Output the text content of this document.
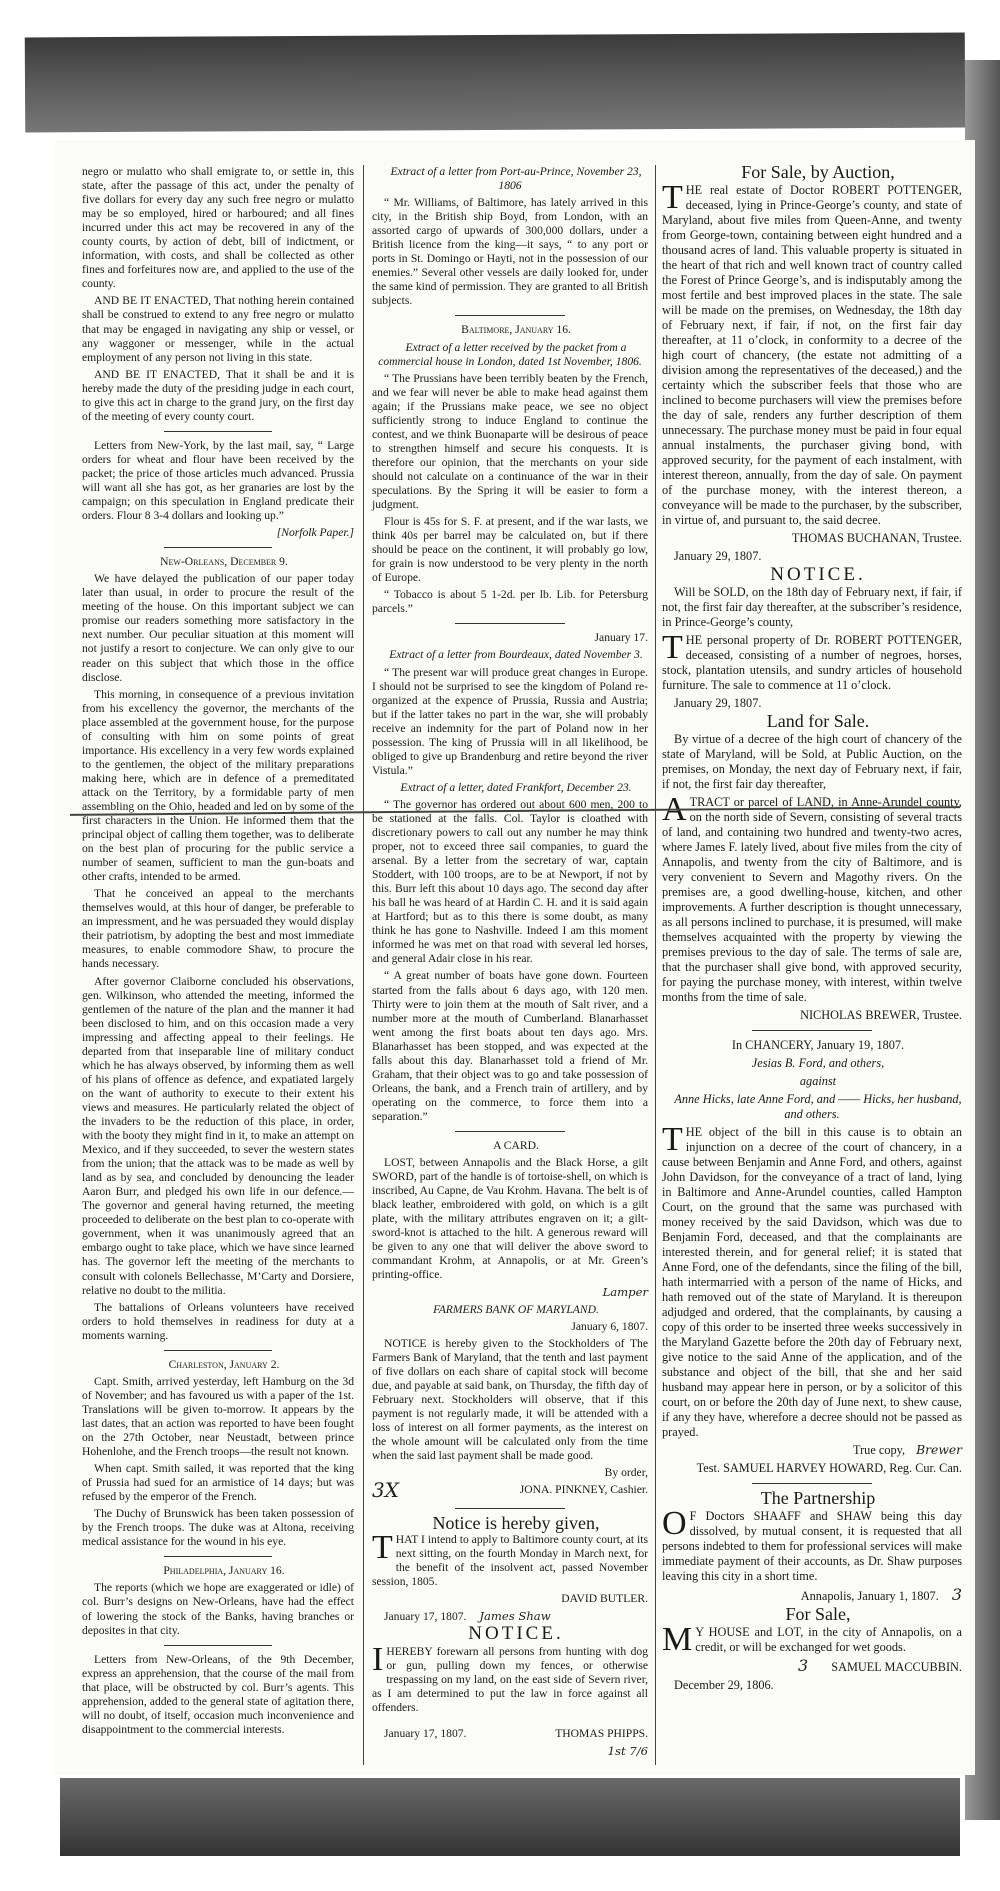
negro or mulatto who shall emigrate to, or settle in, this state, after the passage of this act, under the penalty of five dollars for every day any such free negro or mulatto may be so employed, hired or harboured; and all fines incurred under this act may be recovered in any of the county courts, by action of debt, bill of indictment, or information, with costs, and shall be collected as other fines and forfeitures now are, and applied to the use of the county.

AND BE IT ENACTED, That nothing herein contained shall be construed to extend to any free negro or mulatto that may be engaged in navigating any ship or vessel, or any waggoner or messenger, while in the actual employment of any person not living in this state.

AND BE IT ENACTED, That it shall be and it is hereby made the duty of the presiding judge in each court, to give this act in charge to the grand jury, on the first day of the meeting of every county court.

Letters from New-York, by the last mail, say, “ Large orders for wheat and flour have been received by the packet; the price of those articles much advanced. Prussia will want all she has got, as her granaries are lost by the campaign; on this speculation in England predicate their orders. Flour 8 3-4 dollars and looking up.”

[Norfolk Paper.]

New-Orleans, December 9.

We have delayed the publication of our paper today later than usual, in order to procure the result of the meeting of the house. On this important subject we can promise our readers something more satisfactory in the next number. Our peculiar situation at this moment will not justify a resort to conjecture. We can only give to our reader on this subject that which those in the office disclose.

This morning, in consequence of a previous invitation from his excellency the governor, the merchants of the place assembled at the government house, for the purpose of consulting with him on some points of great importance. His excellency in a very few words explained to the gentlemen, the object of the military preparations making here, which are in defence of a premeditated attack on the Territory, by a formidable party of men assembling on the Ohio, headed and led on by some of the first characters in the Union. He informed them that the principal object of calling them together, was to deliberate on the best plan of procuring for the public service a number of seamen, sufficient to man the gun-boats and other crafts, intended to be armed.

That he conceived an appeal to the merchants themselves would, at this hour of danger, be preferable to an impressment, and he was persuaded they would display their patriotism, by adopting the best and most immediate measures, to enable commodore Shaw, to procure the hands necessary.

After governor Claiborne concluded his observations, gen. Wilkinson, who attended the meeting, informed the gentlemen of the nature of the plan and the manner it had been disclosed to him, and on this occasion made a very impressing and affecting appeal to their feelings. He departed from that inseparable line of military conduct which he has always observed, by informing them as well of his plans of offence as defence, and expatiated largely on the want of authority to execute to their extent his views and measures. He particularly related the object of the invaders to be the reduction of this place, in order, with the booty they might find in it, to make an attempt on Mexico, and if they succeeded, to sever the western states from the union; that the attack was to be made as well by land as by sea, and concluded by denouncing the leader Aaron Burr, and pledged his own life in our defence.—The governor and general having returned, the meeting proceeded to deliberate on the best plan to co-operate with government, when it was unanimously agreed that an embargo ought to take place, which we have since learned has. The governor left the meeting of the merchants to consult with colonels Bellechasse, M’Carty and Dorsiere, relative no doubt to the militia.

The battalions of Orleans volunteers have received orders to hold themselves in readiness for duty at a moments warning.

Charleston, January 2.

Capt. Smith, arrived yesterday, left Hamburg on the 3d of November; and has favoured us with a paper of the 1st. Translations will be given to-morrow. It appears by the last dates, that an action was reported to have been fought on the 27th October, near Neustadt, between prince Hohenlohe, and the French troops—the result not known.

When capt. Smith sailed, it was reported that the king of Prussia had sued for an armistice of 14 days; but was refused by the emperor of the French.

The Duchy of Brunswick has been taken possession of by the French troops. The duke was at Altona, receiving medical assistance for the wound in his eye.

Philadelphia, January 16.

The reports (which we hope are exaggerated or idle) of col. Burr’s designs on New-Orleans, have had the effect of lowering the stock of the Banks, having branches or deposites in that city.

Letters from New-Orleans, of the 9th December, express an apprehension, that the course of the mail from that place, will be obstructed by col. Burr’s agents. This apprehension, added to the general state of agitation there, will no doubt, of itself, occasion much inconvenience and disappointment to the commercial interests.

Extract of a letter from Port-au-Prince, November 23, 1806

“ Mr. Williams, of Baltimore, has lately arrived in this city, in the British ship Boyd, from London, with an assorted cargo of upwards of 300,000 dollars, under a British licence from the king—it says, “ to any port or ports in St. Domingo or Hayti, not in the possession of our enemies.” Several other vessels are daily looked for, under the same kind of permission. They are granted to all British subjects.

Baltimore, January 16.

Extract of a letter received by the packet from a commercial house in London, dated 1st November, 1806.

“ The Prussians have been terribly beaten by the French, and we fear will never be able to make head against them again; if the Prussians make peace, we see no object sufficiently strong to induce England to continue the contest, and we think Buonaparte will be desirous of peace to strengthen himself and secure his conquests. It is therefore our opinion, that the merchants on your side should not calculate on a continuance of the war in their speculations. By the Spring it will be easier to form a judgment.

Flour is 45s for S. F. at present, and if the war lasts, we think 40s per barrel may be calculated on, but if there should be peace on the continent, it will probably go low, for grain is now understood to be very plenty in the north of Europe.

“ Tobacco is about 5 1-2d. per lb. Lib. for Petersburg parcels.”

January 17.

Extract of a letter from Bourdeaux, dated November 3.

“ The present war will produce great changes in Europe. I should not be surprised to see the kingdom of Poland re-organized at the expence of Prussia, Russia and Austria; but if the latter takes no part in the war, she will probably receive an indemnity for the part of Poland now in her possession. The king of Prussia will in all likelihood, be obliged to give up Brandenburg and retire beyond the river Vistula.”

Extract of a letter, dated Frankfort, December 23.

“ The governor has ordered out about 600 men, 200 to be stationed at the falls. Col. Taylor is cloathed with discretionary powers to call out any number he may think proper, not to exceed three sail companies, to guard the arsenal. By a letter from the secretary of war, captain Stoddert, with 100 troops, are to be at Newport, if not by this. Burr left this about 10 days ago. The second day after his ball he was heard of at Hardin C. H. and it is said again at Hartford; but as to this there is some doubt, as many think he has gone to Nashville. Indeed I am this moment informed he was met on that road with several led horses, and general Adair close in his rear.

“ A great number of boats have gone down. Fourteen started from the falls about 6 days ago, with 120 men. Thirty were to join them at the mouth of Salt river, and a number more at the mouth of Cumberland. Blanarhasset went among the first boats about ten days ago. Mrs. Blanarhasset has been stopped, and was expected at the falls about this day. Blanarhasset told a friend of Mr. Graham, that their object was to go and take possession of Orleans, the bank, and a French train of artillery, and by operating on the commerce, to force them into a separation.”

A CARD.

LOST, between Annapolis and the Black Horse, a gilt SWORD, part of the handle is of tortoise-shell, on which is inscribed, Au Capne, de Vau Krohm. Havana. The belt is of black leather, embroidered with gold, on which is a gilt plate, with the military attributes engraven on it; a gilt-sword-knot is attached to the hilt. A generous reward will be given to any one that will deliver the above sword to commandant Krohm, at Annapolis, or at Mr. Green’s printing-office.

Lamper

FARMERS BANK OF MARYLAND.

January 6, 1807.

NOTICE is hereby given to the Stockholders of The Farmers Bank of Maryland, that the tenth and last payment of five dollars on each share of capital stock will become due, and payable at said bank, on Thursday, the fifth day of February next. Stockholders will observe, that if this payment is not regularly made, it will be attended with a loss of interest on all former payments, as the interest on the whole amount will be calculated only from the time when the said last payment shall be made good.

By order,

3X	JONA. PINKNEY, Cashier.

Notice is hereby given,

THAT I intend to apply to Baltimore county court, at its next sitting, on the fourth Monday in March next, for the benefit of the insolvent act, passed November session, 1805.

DAVID BUTLER.

January 17, 1807. James Shaw

NOTICE.

IHEREBY forewarn all persons from hunting with dog or gun, pulling down my fences, or otherwise trespassing on my land, on the east side of Severn river, as I am determined to put the law in force against all offenders.

January 17, 1807.	THOMAS PHIPPS.

1st 7/6

For Sale, by Auction,

THE real estate of Doctor ROBERT POTTENGER, deceased, lying in Prince-George’s county, and state of Maryland, about five miles from Queen-Anne, and twenty from George-town, containing between eight hundred and a thousand acres of land. This valuable property is situated in the heart of that rich and well known tract of country called the Forest of Prince George’s, and is indisputably among the most fertile and best improved places in the state. The sale will be made on the premises, on Wednesday, the 18th day of February next, if fair, if not, on the first fair day thereafter, at 11 o’clock, in conformity to a decree of the high court of chancery, (the estate not admitting of a division among the representatives of the deceased,) and the certainty which the subscriber feels that those who are inclined to become purchasers will view the premises before the day of sale, renders any further description of them unnecessary. The purchase money must be paid in four equal annual instalments, the purchaser giving bond, with approved security, for the payment of each instalment, with interest thereon, annually, from the day of sale. On payment of the purchase money, with the interest thereon, a conveyance will be made to the purchaser, by the subscriber, in virtue of, and pursuant to, the said decree.

THOMAS BUCHANAN, Trustee.

January 29, 1807.

NOTICE.

Will be SOLD, on the 18th day of February next, if fair, if not, the first fair day thereafter, at the subscriber’s residence, in Prince-George’s county,

THE personal property of Dr. ROBERT POTTENGER, deceased, consisting of a number of negroes, horses, stock, plantation utensils, and sundry articles of household furniture. The sale to commence at 11 o’clock.

January 29, 1807.

Land for Sale.

By virtue of a decree of the high court of chancery of the state of Maryland, will be Sold, at Public Auction, on the premises, on Monday, the next day of February next, if fair, if not, the first fair day thereafter,

ATRACT or parcel of LAND, in Anne-Arundel county, on the north side of Severn, consisting of several tracts of land, and containing two hundred and twenty-two acres, where James F. lately lived, about five miles from the city of Annapolis, and twenty from the city of Baltimore, and is very convenient to Severn and Magothy rivers. On the premises are, a good dwelling-house, kitchen, and other improvements. A further description is thought unnecessary, as all persons inclined to purchase, it is presumed, will make themselves acquainted with the property by viewing the premises previous to the day of sale. The terms of sale are, that the purchaser shall give bond, with approved security, for paying the purchase money, with interest, within twelve months from the time of sale.

NICHOLAS BREWER, Trustee.

In CHANCERY, January 19, 1807.

Jesias B. Ford, and others,

against

Anne Hicks, late Anne Ford, and —— Hicks, her husband, and others.

THE object of the bill in this cause is to obtain an injunction on a decree of the court of chancery, in a cause between Benjamin and Anne Ford, and others, against John Davidson, for the conveyance of a tract of land, lying in Baltimore and Anne-Arundel counties, called Hampton Court, on the ground that the same was purchased with money received by the said Davidson, which was due to Benjamin Ford, deceased, and that the complainants are interested therein, and for general relief; it is stated that Anne Ford, one of the defendants, since the filing of the bill, hath intermarried with a person of the name of Hicks, and hath removed out of the state of Maryland. It is thereupon adjudged and ordered, that the complainants, by causing a copy of this order to be inserted three weeks successively in the Maryland Gazette before the 20th day of February next, give notice to the said Anne of the application, and of the substance and object of the bill, that she and her said husband may appear here in person, or by a solicitor of this court, on or before the 20th day of June next, to shew cause, if any they have, wherefore a decree should not be passed as prayed.

True copy, Brewer

Test. SAMUEL HARVEY HOWARD, Reg. Cur. Can.

The Partnership

O F Doctors SHAAFF and SHAW being this day dissolved, by mutual consent, it is requested that all persons indebted to them for professional services will make immediate payment of their accounts, as Dr. Shaw purposes leaving this city in a short time.

Annapolis, January 1, 1807. 3

For Sale,

M Y HOUSE and LOT, in the city of Annapolis, on a credit, or will be exchanged for wet goods.

3 SAMUEL MACCUBBIN.

December 29, 1806.
